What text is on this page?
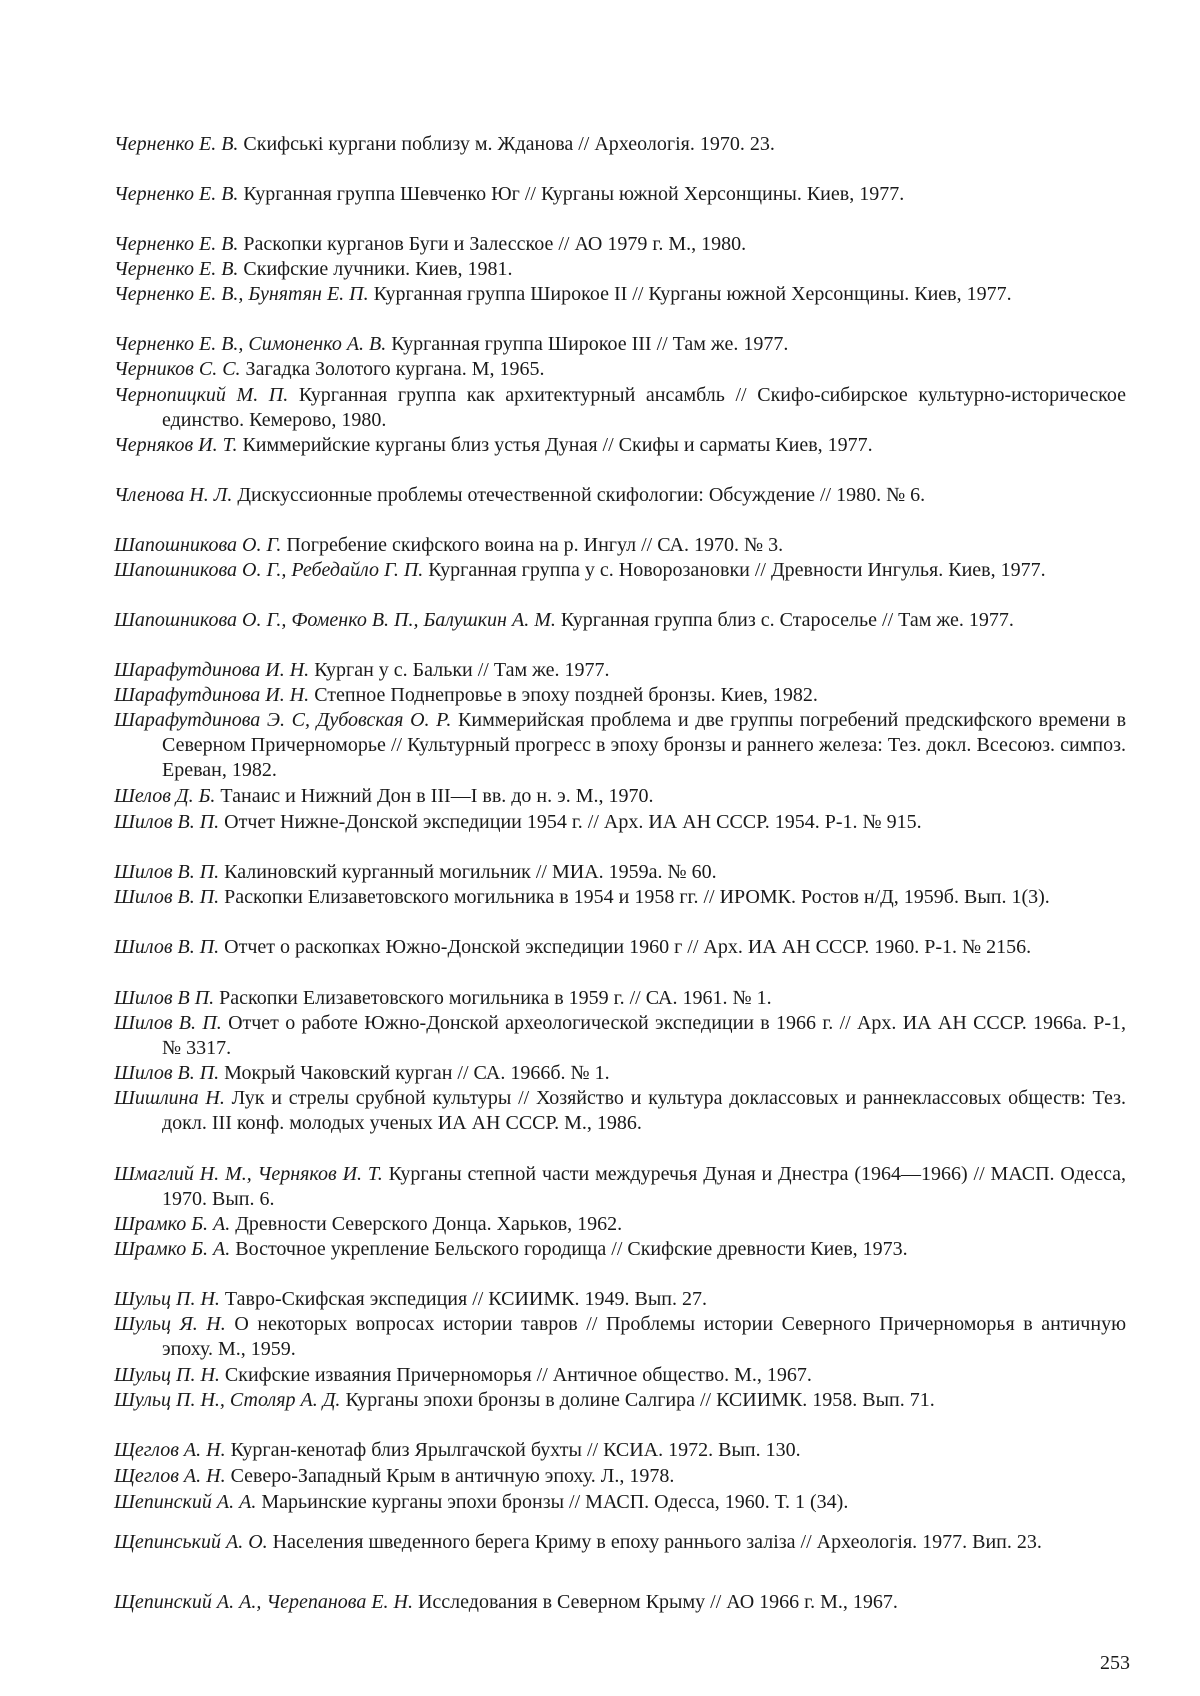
Черненко Е. В. Скифські кургани поблизу м. Жданова // Археологія. 1970. 23.
Черненко Е. В. Курганная группа Шевченко Юг // Курганы южной Херсонщины. Киев, 1977.
Черненко Е. В. Раскопки курганов Буги и Залесское // АО 1979 г. М., 1980.
Черненко Е. В. Скифские лучники. Киев, 1981.
Черненко Е. В., Бунятян Е. П. Курганная группа Широкое II // Курганы южной Херсонщины. Киев, 1977.
Черненко Е. В., Симоненко А. В. Курганная группа Широкое III // Там же. 1977.
Черников С. С. Загадка Золотого кургана. М, 1965.
Чернопицкий М. П. Курганная группа как архитектурный ансамбль // Скифо-сибирское культурно-историческое единство. Кемерово, 1980.
Черняков И. Т. Киммерийские курганы близ устья Дуная // Скифы и сарматы Киев, 1977.
Членова Н. Л. Дискуссионные проблемы отечественной скифологии: Обсуждение // 1980. № 6.
Шапошникова О. Г. Погребение скифского воина на р. Ингул // СА. 1970. № 3.
Шапошникова О. Г., Ребедайло Г. П. Курганная группа у с. Новорозановки // Древности Ингулья. Киев, 1977.
Шапошникова О. Г., Фоменко В. П., Балушкин А. М. Курганная группа близ с. Староселье // Там же. 1977.
Шарафутдинова И. Н. Курган у с. Бальки // Там же. 1977.
Шарафутдинова И. Н. Степное Поднепровье в эпоху поздней бронзы. Киев, 1982.
Шарафутдинова Э. С, Дубовская О. Р. Киммерийская проблема и две группы погребений предскифского времени в Северном Причерноморье // Культурный прогресс в эпоху бронзы и раннего железа: Тез. докл. Всесоюз. симпоз. Ереван, 1982.
Шелов Д. Б. Танаис и Нижний Дон в III—I вв. до н. э. М., 1970.
Шилов В. П. Отчет Нижне-Донской экспедиции 1954 г. // Арх. ИА АН СССР. 1954. Р-1. № 915.
Шилов В. П. Калиновский курганный могильник // МИА. 1959а. № 60.
Шилов В. П. Раскопки Елизаветовского могильника в 1954 и 1958 гг. // ИРОМК. Ростов н/Д, 1959б. Вып. 1(3).
Шилов В. П. Отчет о раскопках Южно-Донской экспедиции 1960 г // Арх. ИА АН СССР. 1960. Р-1. № 2156.
Шилов В П. Раскопки Елизаветовского могильника в 1959 г. // СА. 1961. № 1.
Шилов В. П. Отчет о работе Южно-Донской археологической экспедиции в 1966 г. // Арх. ИА АН СССР. 1966а. Р-1, № 3317.
Шилов В. П. Мокрый Чаковский курган // СА. 1966б. № 1.
Шишлина Н. Лук и стрелы срубной культуры // Хозяйство и культура доклассовых и раннеклассовых обществ: Тез. докл. III конф. молодых ученых ИА АН СССР. М., 1986.
Шмаглий Н. М., Черняков И. Т. Курганы степной части междуречья Дуная и Днестра (1964—1966) // МАСП. Одесса, 1970. Вып. 6.
Шрамко Б. А. Древности Северского Донца. Харьков, 1962.
Шрамко Б. А. Восточное укрепление Бельского городища // Скифские древности Киев, 1973.
Шульц П. Н. Тавро-Скифская экспедиция // КСИИМК. 1949. Вып. 27.
Шульц Я. Н. О некоторых вопросах истории тавров // Проблемы истории Северного Причерноморья в античную эпоху. М., 1959.
Шульц П. Н. Скифские изваяния Причерноморья // Античное общество. М., 1967.
Шульц П. Н., Столяр А. Д. Курганы эпохи бронзы в долине Салгира // КСИИМК. 1958. Вып. 71.
Щеглов А. Н. Курган-кенотаф близ Ярылгачской бухты // КСИА. 1972. Вып. 130.
Щеглов А. Н. Северо-Западный Крым в античную эпоху. Л., 1978.
Шепинский А. А. Марьинские курганы эпохи бронзы // МАСП. Одесса, 1960. Т. 1 (34).
Щепинський А. О. Населения шведенного берега Криму в епоху раннього заліза // Археологія. 1977. Вип. 23.
Щепинский А. А., Черепанова Е. Н. Исследования в Северном Крыму // АО 1966 г. М., 1967.
253
